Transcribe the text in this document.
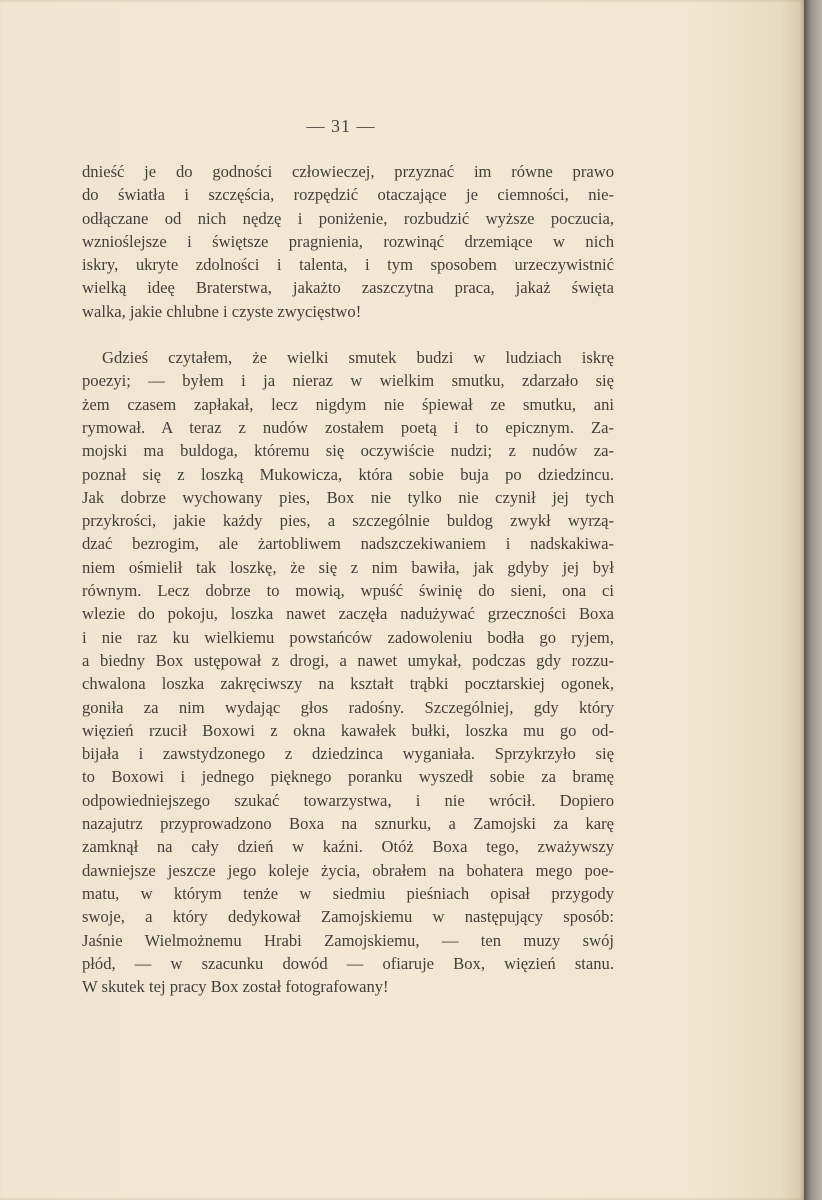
— 31 —
dnieść je do godności człowieczej, przyznać im równe prawo
do światła i szczęścia, rozpędzić otaczające je ciemności, nie-
odłączane od nich nędzę i poniżenie, rozbudzić wyższe poczucia,
wznioślejsze i świętsze pragnienia, rozwinąć drzemiące w nich
iskry, ukryte zdolności i talenta, i tym sposobem urzeczywistnić
wielką ideę Braterstwa, jakażto zaszczytna praca, jakaż święta
walka, jakie chlubne i czyste zwycięstwo!
Gdzieś czytałem, że wielki smutek budzi w ludziach iskrę
poezyi; — byłem i ja nieraz w wielkim smutku, zdarzało się
żem czasem zapłakał, lecz nigdym nie śpiewał ze smutku, ani
rymował. A teraz z nudów zostałem poetą i to epicznym. Za-
mojski ma buldoga, któremu się oczywiście nudzi; z nudów za-
poznał się z loszką Mukowicza, która sobie buja po dziedzincu.
Jak dobrze wychowany pies, Box nie tylko nie czynił jej tych
przykrości, jakie każdy pies, a szczególnie buldog zwykł wyrzą-
dzać bezrogim, ale żartobliwem nadszczekiwaniem i nadskakiwa-
niem ośmielił tak loszkę, że się z nim bawiła, jak gdyby jej był
równym. Lecz dobrze to mowią, wpuść świnię do sieni, ona ci
wlezie do pokoju, loszka nawet zaczęła nadużywać grzeczności Boxa
i nie raz ku wielkiemu powstańców zadowoleniu bodła go ryjem,
a biedny Box ustępował z drogi, a nawet umykał, podczas gdy rozzu-
chwalona loszka zakręciwszy na kształt trąbki pocztarskiej ogonek,
goniła za nim wydając głos radośny. Szczególniej, gdy który
więzień rzucił Boxowi z okna kawałek bułki, loszka mu go od-
bijała i zawstydzonego z dziedzinca wyganiała. Sprzykrzyło się
to Boxowi i jednego pięknego poranku wyszedł sobie za bramę
odpowiedniejszego szukać towarzystwa, i nie wrócił. Dopiero
nazajutrz przyprowadzono Boxa na sznurku, a Zamojski za karę
zamknął na cały dzień w kaźni. Otóż Boxa tego, zważywszy
dawniejsze jeszcze jego koleje życia, obrałem na bohatera mego poe-
matu, w którym tenże w siedmiu pieśniach opisał przygody
swoje, a który dedykował Zamojskiemu w następujący sposób:
Jaśnie Wielmożnemu Hrabi Zamojskiemu, — ten muzy swój
płód, — w szacunku dowód — ofiaruje Box, więzień stanu.
W skutek tej pracy Box został fotografowany!
